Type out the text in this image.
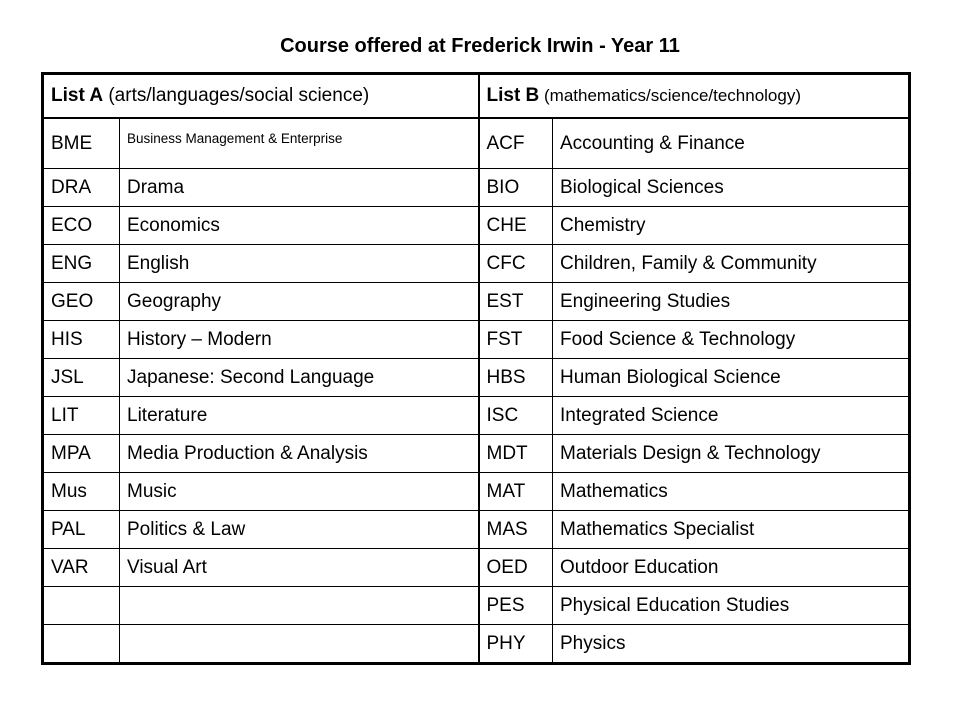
Course offered at Frederick Irwin - Year 11
List A (arts/languages/social science)		List B (mathematics/science/technology)	
BME	Business Management & Enterprise	ACF	Accounting & Finance
DRA	Drama	BIO	Biological Sciences
ECO	Economics	CHE	Chemistry
ENG	English	CFC	Children, Family & Community
GEO	Geography	EST	Engineering Studies
HIS	History – Modern	FST	Food Science & Technology
JSL	Japanese: Second Language	HBS	Human Biological Science
LIT	Literature	ISC	Integrated Science
MPA	Media Production & Analysis	MDT	Materials Design & Technology
Mus	Music	MAT	Mathematics
PAL	Politics & Law	MAS	Mathematics Specialist
VAR	Visual Art	OED	Outdoor Education
		PES	Physical Education Studies
		PHY	Physics
